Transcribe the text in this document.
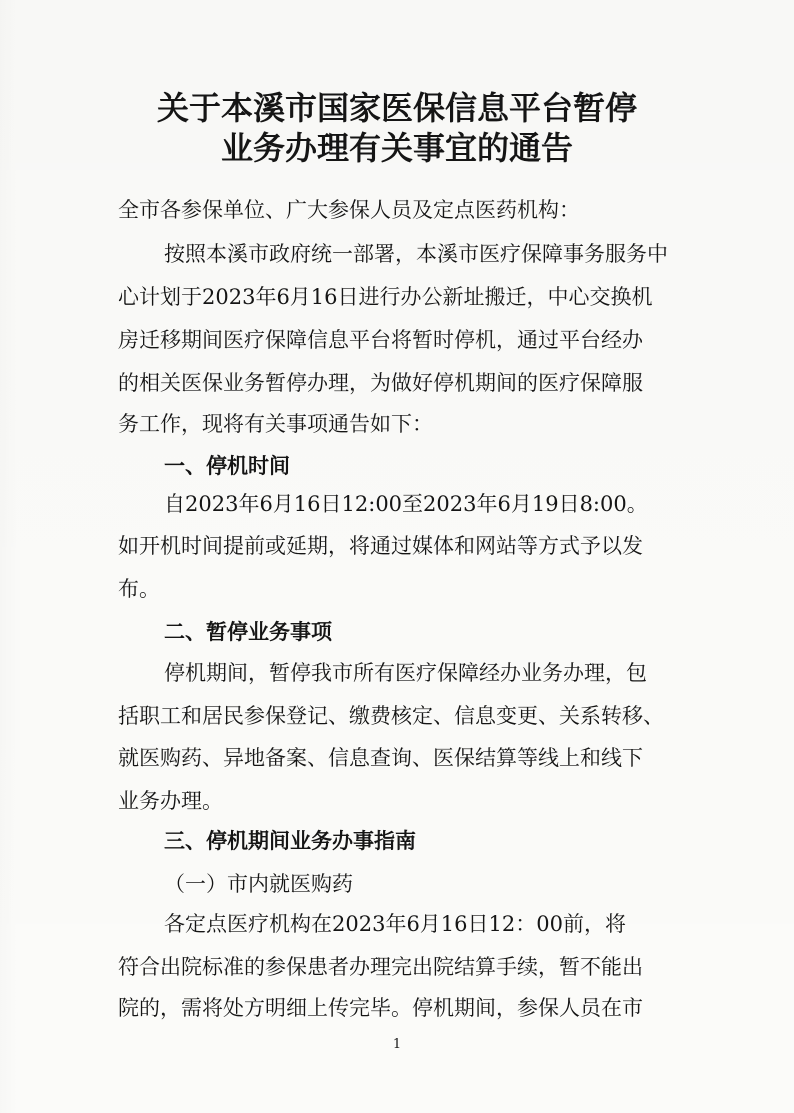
关于本溪市国家医保信息平台暂停
业务办理有关事宜的通告

全市各参保单位、广大参保人员及定点医药机构：

按照本溪市政府统一部署，本溪市医疗保障事务服务中

心计划于2023年6月16日进行办公新址搬迁，中心交换机

房迁移期间医疗保障信息平台将暂时停机，通过平台经办

的相关医保业务暂停办理，为做好停机期间的医疗保障服

务工作，现将有关事项通告如下：

一、停机时间

自2023年6月16日12:00至2023年6月19日8:00。

如开机时间提前或延期，将通过媒体和网站等方式予以发

布。

二、暂停业务事项

停机期间，暂停我市所有医疗保障经办业务办理，包

括职工和居民参保登记、缴费核定、信息变更、关系转移、

就医购药、异地备案、信息查询、医保结算等线上和线下

业务办理。

三、停机期间业务办事指南

（一）市内就医购药

各定点医疗机构在2023年6月16日12：00前，将

符合出院标准的参保患者办理完出院结算手续，暂不能出

院的，需将处方明细上传完毕。停机期间，参保人员在市

1
